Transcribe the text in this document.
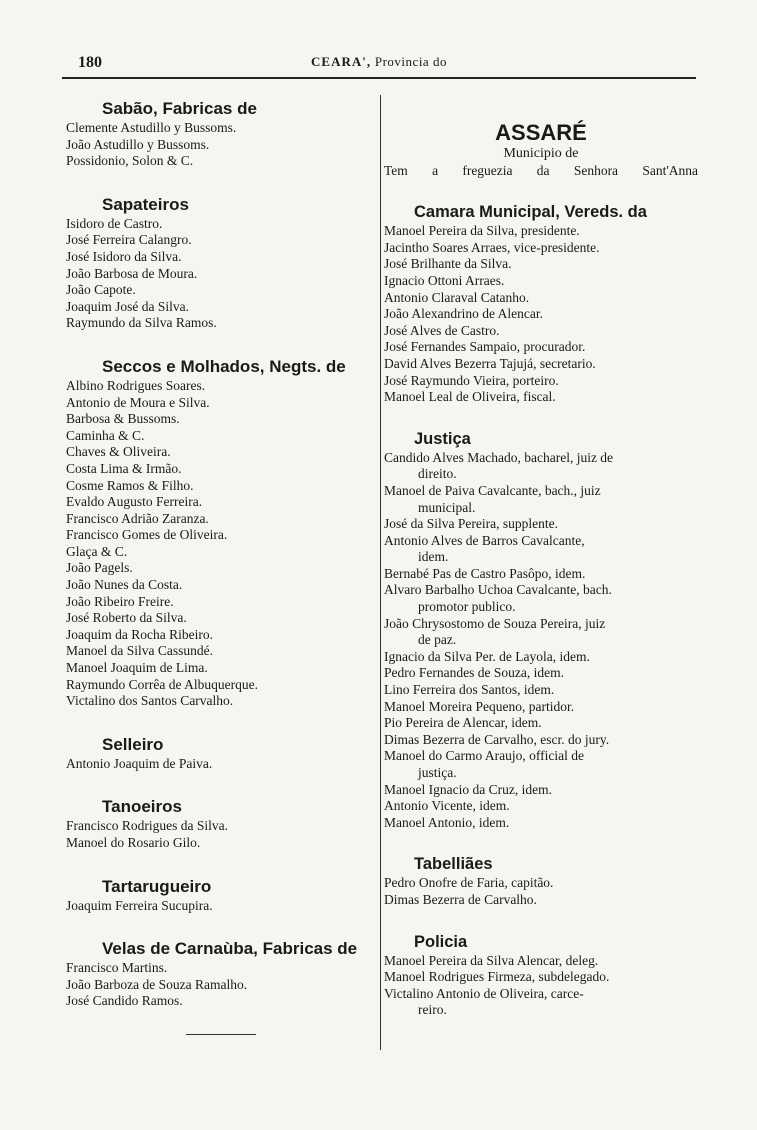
180	CEARA', Provincia do
Sabão, Fabricas de
Clemente Astudillo y Bussoms.
João Astudillo y Bussoms.
Possidonio, Solon & C.
Sapateiros
Isidoro de Castro.
José Ferreira Calangro.
José Isidoro da Silva.
João Barbosa de Moura.
João Capote.
Joaquim José da Silva.
Raymundo da Silva Ramos.
Seccos e Molhados, Negts. de
Albino Rodrigues Soares.
Antonio de Moura e Silva.
Barbosa & Bussoms.
Caminha & C.
Chaves & Oliveira.
Costa Lima & Irmão.
Cosme Ramos & Filho.
Evaldo Augusto Ferreira.
Francisco Adrião Zaranza.
Francisco Gomes de Oliveira.
Glaça & C.
João Pagels.
João Nunes da Costa.
João Ribeiro Freire.
José Roberto da Silva.
Joaquim da Rocha Ribeiro.
Manoel da Silva Cassundé.
Manoel Joaquim de Lima.
Raymundo Corrêa de Albuquerque.
Victalino dos Santos Carvalho.
Selleiro
Antonio Joaquim de Paiva.
Tanoeiros
Francisco Rodrigues da Silva.
Manoel do Rosario Gilo.
Tartarugueiro
Joaquim Ferreira Sucupira.
Velas de Carnaùba, Fabricas de
Francisco Martins.
João Barboza de Souza Ramalho.
José Candido Ramos.
ASSARÉ
Municipio de
Tem a freguezia da Senhora Sant'Anna
Camara Municipal, Vereds. da
Manoel Pereira da Silva, presidente.
Jacintho Soares Arraes, vice-presidente.
José Brilhante da Silva.
Ignacio Ottoni Arraes.
Antonio Claraval Catanho.
João Alexandrino de Alencar.
José Alves de Castro.
José Fernandes Sampaio, procurador.
David Alves Bezerra Tajujá, secretario.
José Raymundo Vieira, porteiro.
Manoel Leal de Oliveira, fiscal.
Justiça
Candido Alves Machado, bacharel, juiz de
direito.
Manoel de Paiva Cavalcante, bach., juiz
municipal.
José da Silva Pereira, supplente.
Antonio Alves de Barros Cavalcante,
idem.
Bernabé Pas de Castro Pasôpo, idem.
Alvaro Barbalho Uchoa Cavalcante, bach.
promotor publico.
João Chrysostomo de Souza Pereira, juiz
de paz.
Ignacio da Silva Per. de Layola, idem.
Pedro Fernandes de Souza, idem.
Lino Ferreira dos Santos, idem.
Manoel Moreira Pequeno, partidor.
Pio Pereira de Alencar, idem.
Dimas Bezerra de Carvalho, escr. do jury.
Manoel do Carmo Araujo, official de
justiça.
Manoel Ignacio da Cruz, idem.
Antonio Vicente, idem.
Manoel Antonio, idem.
Tabelliães
Pedro Onofre de Faria, capitão.
Dimas Bezerra de Carvalho.
Policia
Manoel Pereira da Silva Alencar, deleg.
Manoel Rodrigues Firmeza, subdelegado.
Victalino Antonio de Oliveira, carce-
reiro.
